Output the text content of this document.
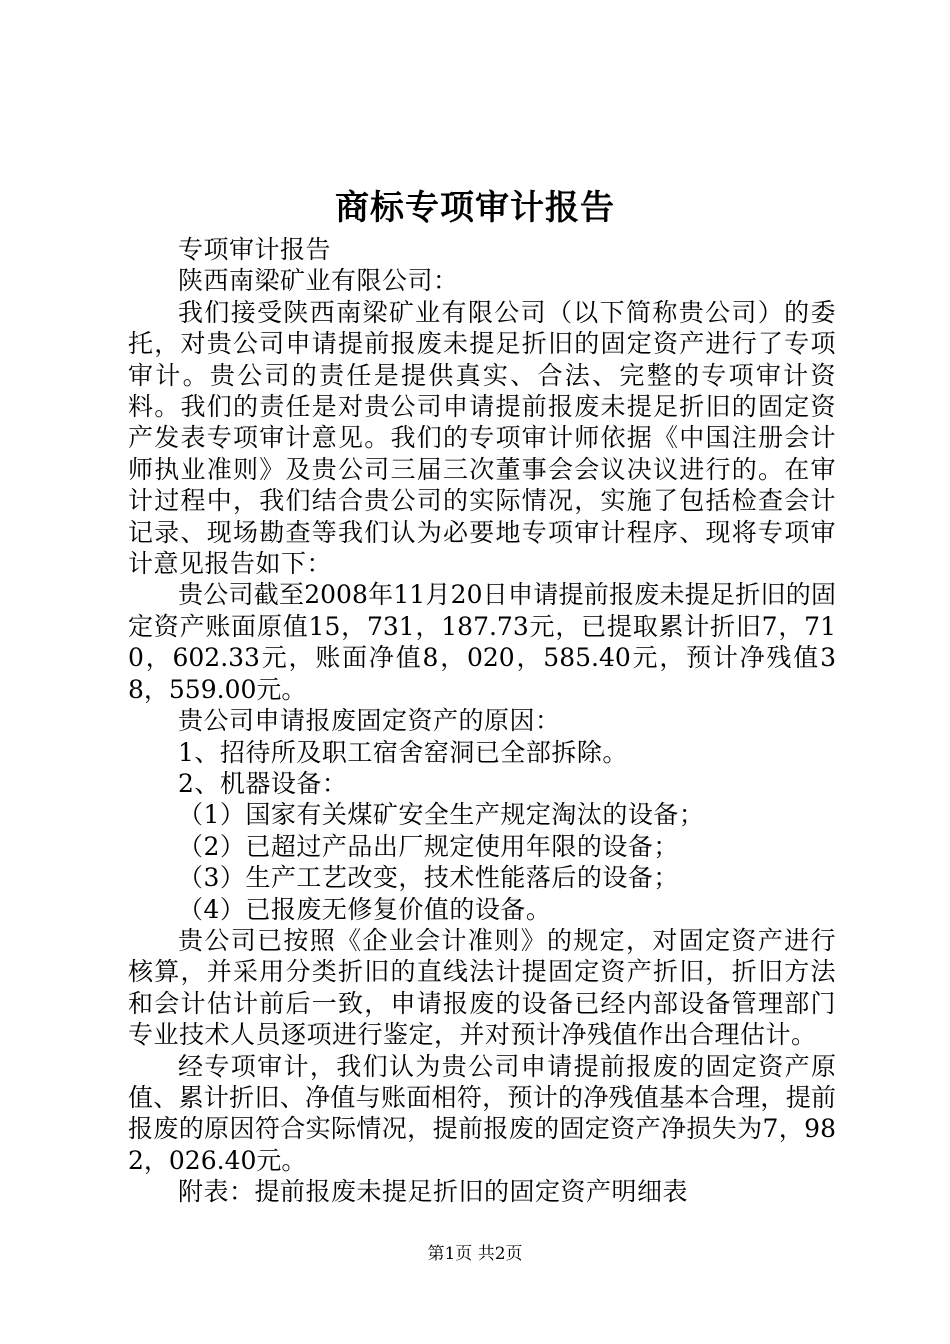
商标专项审计报告

专项审计报告

陕西南梁矿业有限公司：

我们接受陕西南梁矿业有限公司（以下简称贵公司）的委托，对贵公司申请提前报废未提足折旧的固定资产进行了专项审计。贵公司的责任是提供真实、合法、完整的专项审计资料。我们的责任是对贵公司申请提前报废未提足折旧的固定资产发表专项审计意见。我们的专项审计师依据《中国注册会计师执业准则》及贵公司三届三次董事会会议决议进行的。在审计过程中，我们结合贵公司的实际情况，实施了包括检查会计记录、现场勘查等我们认为必要地专项审计程序、现将专项审计意见报告如下：

贵公司截至2008年11月20日申请提前报废未提足折旧的固定资产账面原值15，731，187.73元，已提取累计折旧7，710，602.33元，账面净值8，020，585.40元，预计净残值38，559.00元。

贵公司申请报废固定资产的原因：

1、招待所及职工宿舍窑洞已全部拆除。

2、机器设备：

（1）国家有关煤矿安全生产规定淘汰的设备；

（2）已超过产品出厂规定使用年限的设备；

（3）生产工艺改变，技术性能落后的设备；

（4）已报废无修复价值的设备。

贵公司已按照《企业会计准则》的规定，对固定资产进行核算，并采用分类折旧的直线法计提固定资产折旧，折旧方法和会计估计前后一致，申请报废的设备已经内部设备管理部门专业技术人员逐项进行鉴定，并对预计净残值作出合理估计。

经专项审计，我们认为贵公司申请提前报废的固定资产原值、累计折旧、净值与账面相符，预计的净残值基本合理，提前报废的原因符合实际情况，提前报废的固定资产净损失为7，982，026.40元。

附表：提前报废未提足折旧的固定资产明细表

第1页 共2页
